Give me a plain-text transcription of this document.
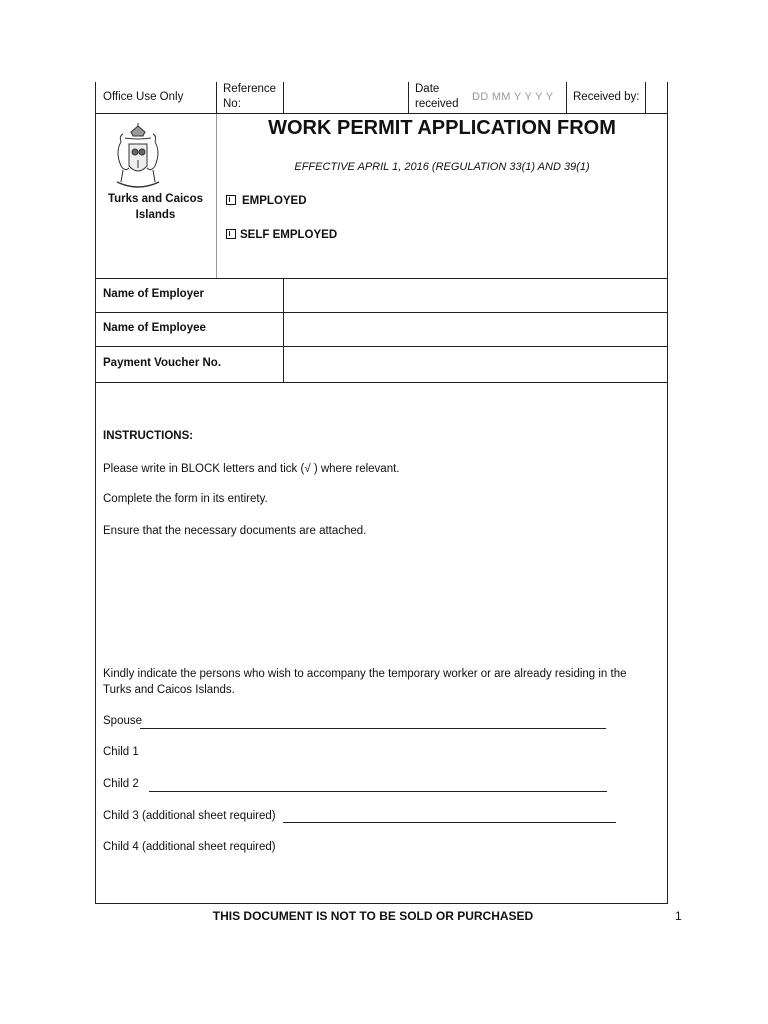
Office Use Only
Reference
No:
Date
received
DD MM Y Y Y Y Received by:
Turks and Caicos
Islands
WORK PERMIT APPLICATION FROM
EFFECTIVE APRIL 1, 2016 (REGULATION 33(1) AND 39(1)
EMPLOYED
SELF EMPLOYED
Name of Employer
Name of Employee
Payment Voucher No.
INSTRUCTIONS:
Please write in BLOCK letters and tick (√ ) where relevant.
Complete the form in its entirety.
Ensure that the necessary documents are attached.
Kindly indicate the persons who wish to accompany the temporary worker or are already residing in the
Turks and Caicos Islands.
Spouse
Child 1
Child 2
Child 3 (additional sheet required)
Child 4 (additional sheet required)
THIS DOCUMENT IS NOT TO BE SOLD OR PURCHASED	1
